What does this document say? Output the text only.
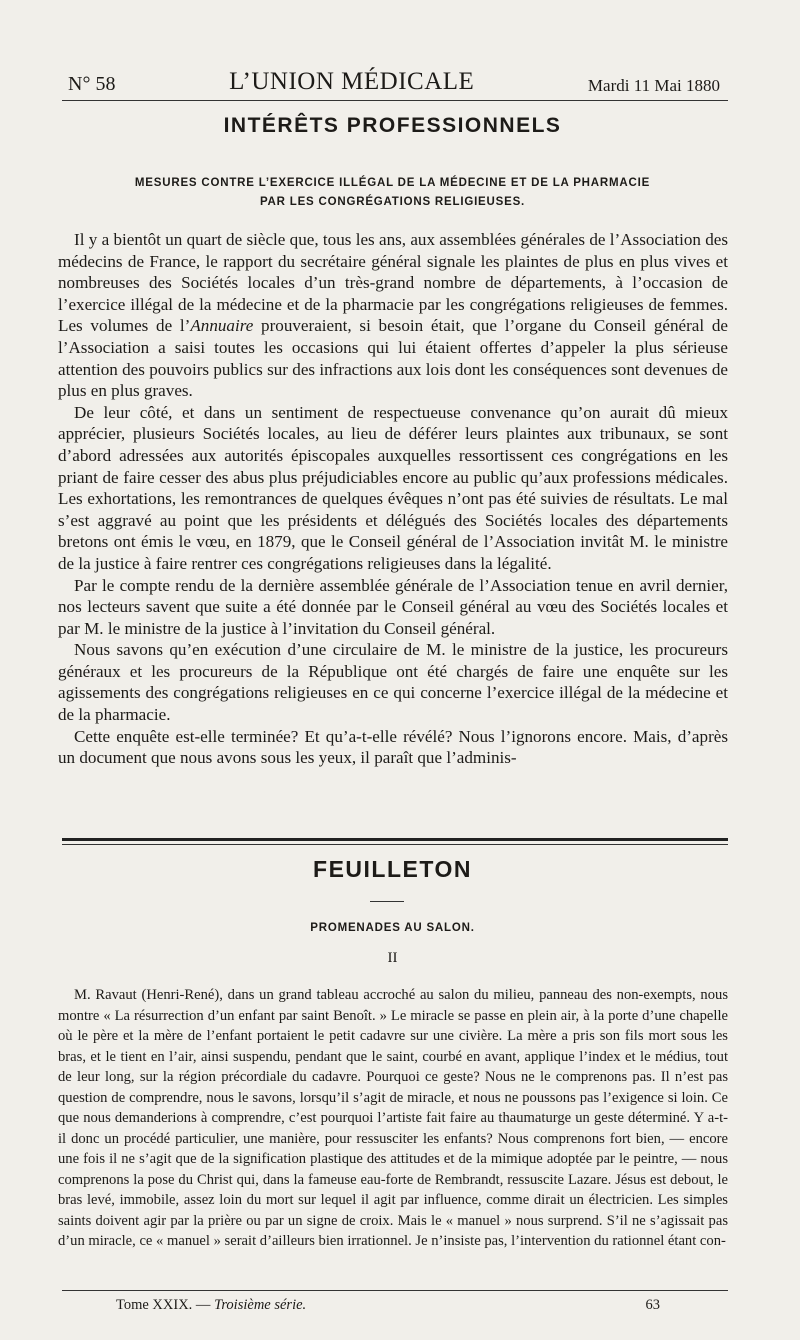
N° 58	L’UNION MÉDICALE	Mardi 11 Mai 1880
INTÉRÊTS PROFESSIONNELS
MESURES CONTRE L’EXERCICE ILLÉGAL DE LA MÉDECINE ET DE LA PHARMACIE
PAR LES CONGRÉGATIONS RELIGIEUSES.

Il y a bientôt un quart de siècle que, tous les ans, aux assemblées générales de l’Association des médecins de France, le rapport du secrétaire général signale les plaintes de plus en plus vives et nombreuses des Sociétés locales d’un très-grand nombre de départements, à l’occasion de l’exercice illégal de la médecine et de la pharmacie par les congrégations religieuses de femmes. Les volumes de l’Annuaire prouveraient, si besoin était, que l’organe du Conseil général de l’Association a saisi toutes les occasions qui lui étaient offertes d’appeler la plus sérieuse attention des pouvoirs publics sur des infractions aux lois dont les conséquences sont devenues de plus en plus graves.

De leur côté, et dans un sentiment de respectueuse convenance qu’on aurait dû mieux apprécier, plusieurs Sociétés locales, au lieu de déférer leurs plaintes aux tribunaux, se sont d’abord adressées aux autorités épiscopales auxquelles ressortissent ces congrégations en les priant de faire cesser des abus plus préjudiciables encore au public qu’aux professions médicales. Les exhortations, les remontrances de quelques évêques n’ont pas été suivies de résultats. Le mal s’est aggravé au point que les présidents et délégués des Sociétés locales des départements bretons ont émis le vœu, en 1879, que le Conseil général de l’Association invitât M. le ministre de la justice à faire rentrer ces congrégations religieuses dans la légalité.

Par le compte rendu de la dernière assemblée générale de l’Association tenue en avril dernier, nos lecteurs savent que suite a été donnée par le Conseil général au vœu des Sociétés locales et par M. le ministre de la justice à l’invitation du Conseil général.

Nous savons qu’en exécution d’une circulaire de M. le ministre de la justice, les procureurs généraux et les procureurs de la République ont été chargés de faire une enquête sur les agissements des congrégations religieuses en ce qui concerne l’exercice illégal de la médecine et de la pharmacie.

Cette enquête est-elle terminée? Et qu’a-t-elle révélé? Nous l’ignorons encore. Mais, d’après un document que nous avons sous les yeux, il paraît que l’adminis-

FEUILLETON
PROMENADES AU SALON.
II

M. Ravaut (Henri-René), dans un grand tableau accroché au salon du milieu, panneau des non-exempts, nous montre « La résurrection d’un enfant par saint Benoît. » Le miracle se passe en plein air, à la porte d’une chapelle où le père et la mère de l’enfant portaient le petit cadavre sur une civière. La mère a pris son fils mort sous les bras, et le tient en l’air, ainsi suspendu, pendant que le saint, courbé en avant, applique l’index et le médius, tout de leur long, sur la région précordiale du cadavre. Pourquoi ce geste? Nous ne le comprenons pas. Il n’est pas question de comprendre, nous le savons, lorsqu’il s’agit de miracle, et nous ne poussons pas l’exigence si loin. Ce que nous demanderions à comprendre, c’est pourquoi l’artiste fait faire au thaumaturge un geste déterminé. Y a-t-il donc un procédé particulier, une manière, pour ressusciter les enfants? Nous comprenons fort bien, — encore une fois il ne s’agit que de la signification plastique des attitudes et de la mimique adoptée par le peintre, — nous comprenons la pose du Christ qui, dans la fameuse eau-forte de Rembrandt, ressuscite Lazare. Jésus est debout, le bras levé, immobile, assez loin du mort sur lequel il agit par influence, comme dirait un électricien. Les simples saints doivent agir par la prière ou par un signe de croix. Mais le « manuel » nous surprend. S’il ne s’agissait pas d’un miracle, ce « manuel » serait d’ailleurs bien irrationnel. Je n’insiste pas, l’intervention du rationnel étant con-

Tome XXIX. — Troisième série.	63
